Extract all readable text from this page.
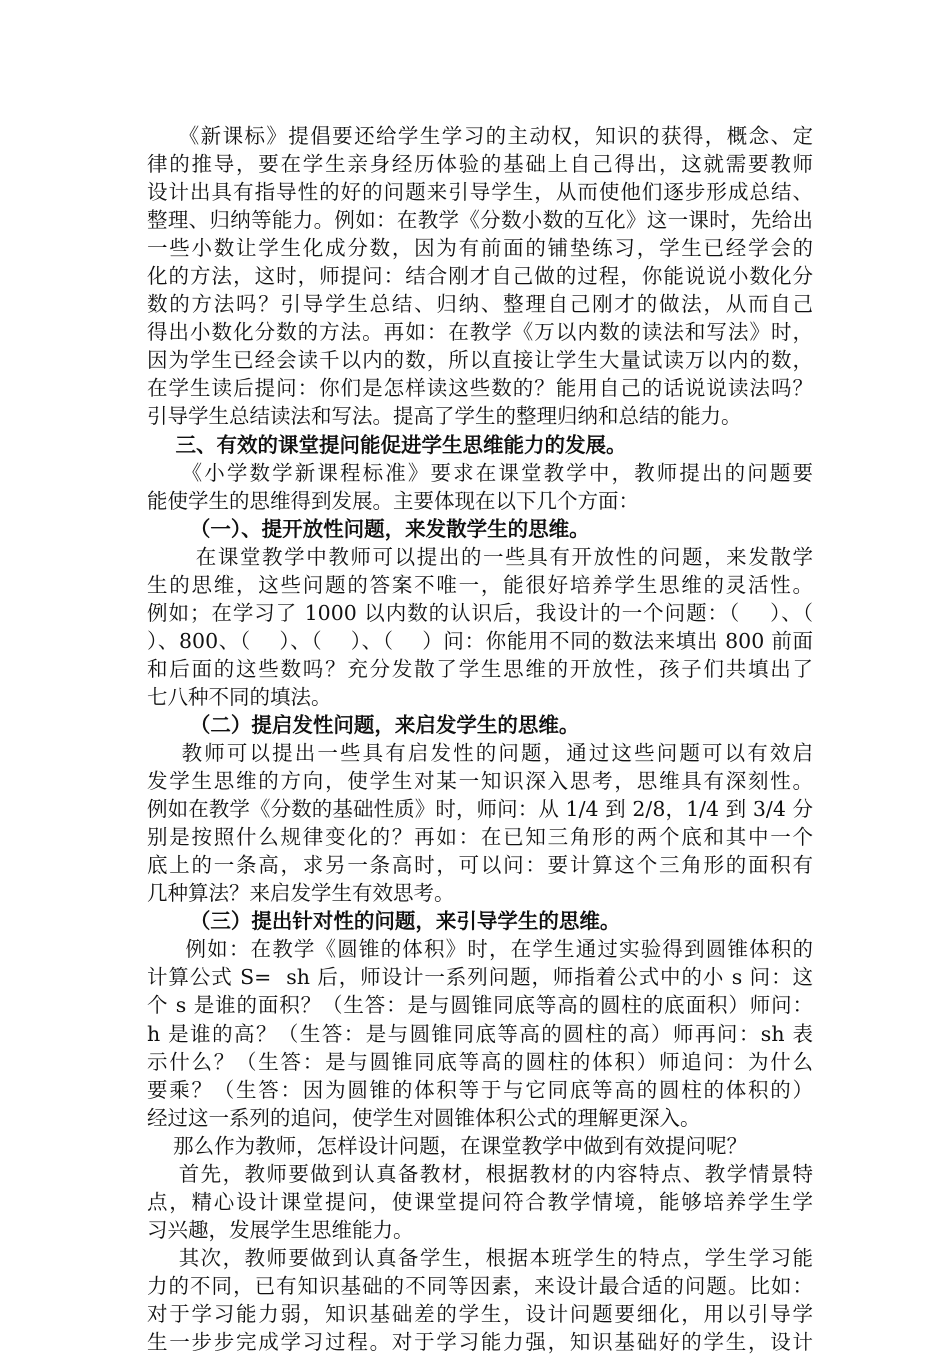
《新课标》提倡要还给学生学习的主动权，知识的获得，概念、定
律的推导，要在学生亲身经历体验的基础上自己得出，这就需要教师
设计出具有指导性的好的问题来引导学生，从而使他们逐步形成总结、
整理、归纳等能力。例如：在教学《分数小数的互化》这一课时，先给出
一些小数让学生化成分数，因为有前面的铺垫练习，学生已经学会的
化的方法，这时，师提问：结合刚才自己做的过程，你能说说小数化分
数的方法吗？引导学生总结、归纳、整理自己刚才的做法，从而自己
得出小数化分数的方法。再如：在教学《万以内数的读法和写法》时，
因为学生已经会读千以内的数，所以直接让学生大量试读万以内的数，
在学生读后提问：你们是怎样读这些数的？能用自己的话说说读法吗？
引导学生总结读法和写法。提高了学生的整理归纳和总结的能力。
三、有效的课堂提问能促进学生思维能力的发展。
《小学数学新课程标准》要求在课堂教学中，教师提出的问题要
能使学生的思维得到发展。主要体现在以下几个方面：
（一）、提开放性问题，来发散学生的思维。
在课堂教学中教师可以提出的一些具有开放性的问题，来发散学
生的思维，这些问题的答案不唯一，能很好培养学生思维的灵活性。
例如；在学习了 1000 以内数的认识后，我设计的一个问题：（    ）、（
）、800、（    ）、（    ）、（    ）问：你能用不同的数法来填出 800 前面
和后面的这些数吗？充分发散了学生思维的开放性，孩子们共填出了
七八种不同的填法。
（二）提启发性问题，来启发学生的思维。
教师可以提出一些具有启发性的问题，通过这些问题可以有效启
发学生思维的方向，使学生对某一知识深入思考，思维具有深刻性。
例如在教学《分数的基础性质》时，师问：从 1/4 到 2/8，1/4 到 3/4 分
别是按照什么规律变化的？再如：在已知三角形的两个底和其中一个
底上的一条高，求另一条高时，可以问：要计算这个三角形的面积有
几种算法？来启发学生有效思考。
（三）提出针对性的问题，来引导学生的思维。
例如：在教学《圆锥的体积》时，在学生通过实验得到圆锥体积的
计算公式 S=  sh 后，师设计一系列问题，师指着公式中的小 s 问：这
个 s 是谁的面积？（生答：是与圆锥同底等高的圆柱的底面积）师问：
h 是谁的高？（生答：是与圆锥同底等高的圆柱的高）师再问：sh 表
示什么？（生答：是与圆锥同底等高的圆柱的体积）师追问：为什么
要乘？（生答：因为圆锥的体积等于与它同底等高的圆柱的体积的）
经过这一系列的追问，使学生对圆锥体积公式的理解更深入。
那么作为教师，怎样设计问题，在课堂教学中做到有效提问呢？
首先，教师要做到认真备教材，根据教材的内容特点、教学情景特
点，精心设计课堂提问，使课堂提问符合教学情境，能够培养学生学
习兴趣，发展学生思维能力。
其次，教师要做到认真备学生，根据本班学生的特点，学生学习能
力的不同，已有知识基础的不同等因素，来设计最合适的问题。比如：
对于学习能力弱，知识基础差的学生，设计问题要细化，用以引导学
生一步步完成学习过程。对于学习能力强，知识基础好的学生，设计
